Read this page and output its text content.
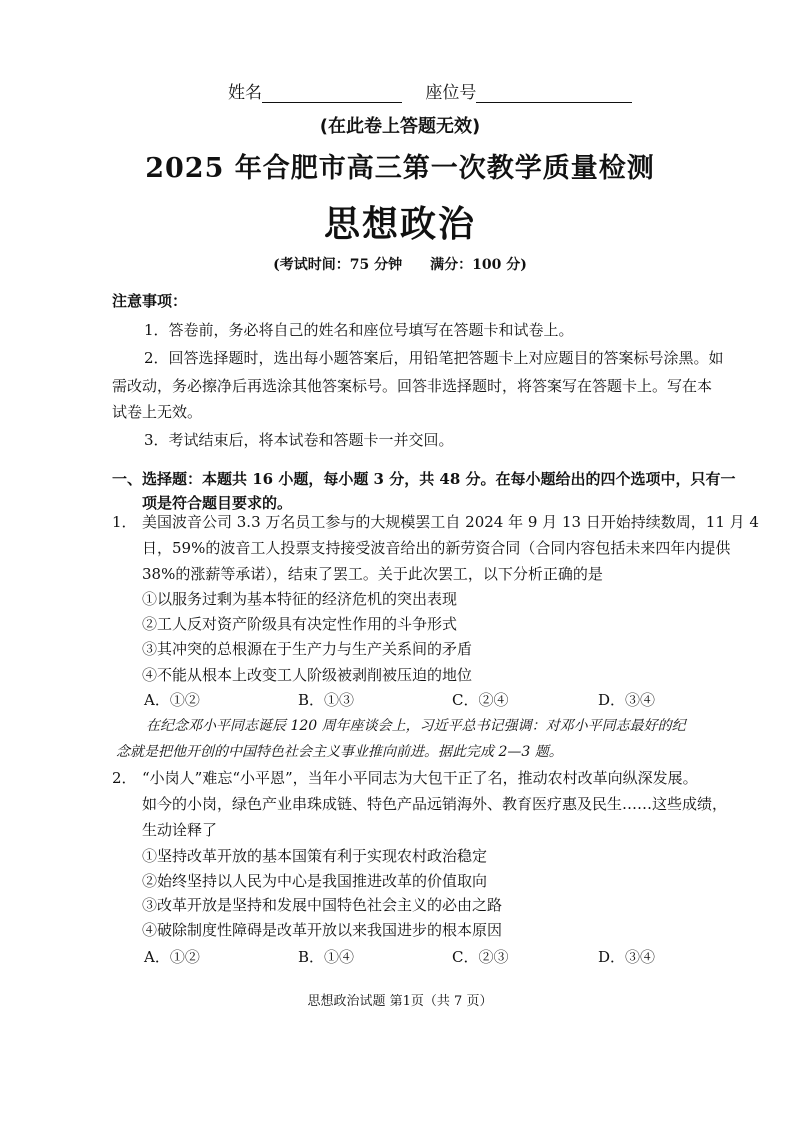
姓名	座位号
(在此卷上答题无效)
2025 年合肥市高三第一次教学质量检测
思想政治
(考试时间：75 分钟 满分：100 分)
注意事项：
1．答卷前，务必将自己的姓名和座位号填写在答题卡和试卷上。
2．回答选择题时，选出每小题答案后，用铅笔把答题卡上对应题目的答案标号涂黑。如
需改动，务必擦净后再选涂其他答案标号。回答非选择题时，将答案写在答题卡上。写在本
试卷上无效。
3．考试结束后，将本试卷和答题卡一并交回。
一、选择题：本题共 16 小题，每小题 3 分，共 48 分。在每小题给出的四个选项中，只有一
项是符合题目要求的。
1． 美国波音公司 3.3 万名员工参与的大规模罢工自 2024 年 9 月 13 日开始持续数周，11 月 4
日，59%的波音工人投票支持接受波音给出的新劳资合同（合同内容包括未来四年内提供
38%的涨薪等承诺），结束了罢工。关于此次罢工，以下分析正确的是
①以服务过剩为基本特征的经济危机的突出表现
②工人反对资产阶级具有决定性作用的斗争形式
③其冲突的总根源在于生产力与生产关系间的矛盾
④不能从根本上改变工人阶级被剥削被压迫的地位
A．①②	B．①③	C．②④	D．③④
在纪念邓小平同志诞辰 120 周年座谈会上，习近平总书记强调：对邓小平同志最好的纪
念就是把他开创的中国特色社会主义事业推向前进。据此完成 2—3 题。
2． “小岗人”难忘“小平恩”，当年小平同志为大包干正了名，推动农村改革向纵深发展。
如今的小岗，绿色产业串珠成链、特色产品远销海外、教育医疗惠及民生……这些成绩，
生动诠释了
①坚持改革开放的基本国策有利于实现农村政治稳定
②始终坚持以人民为中心是我国推进改革的价值取向
③改革开放是坚持和发展中国特色社会主义的必由之路
④破除制度性障碍是改革开放以来我国进步的根本原因
A．①②	B．①④	C．②③	D．③④
思想政治试题 第1页（共 7 页）
